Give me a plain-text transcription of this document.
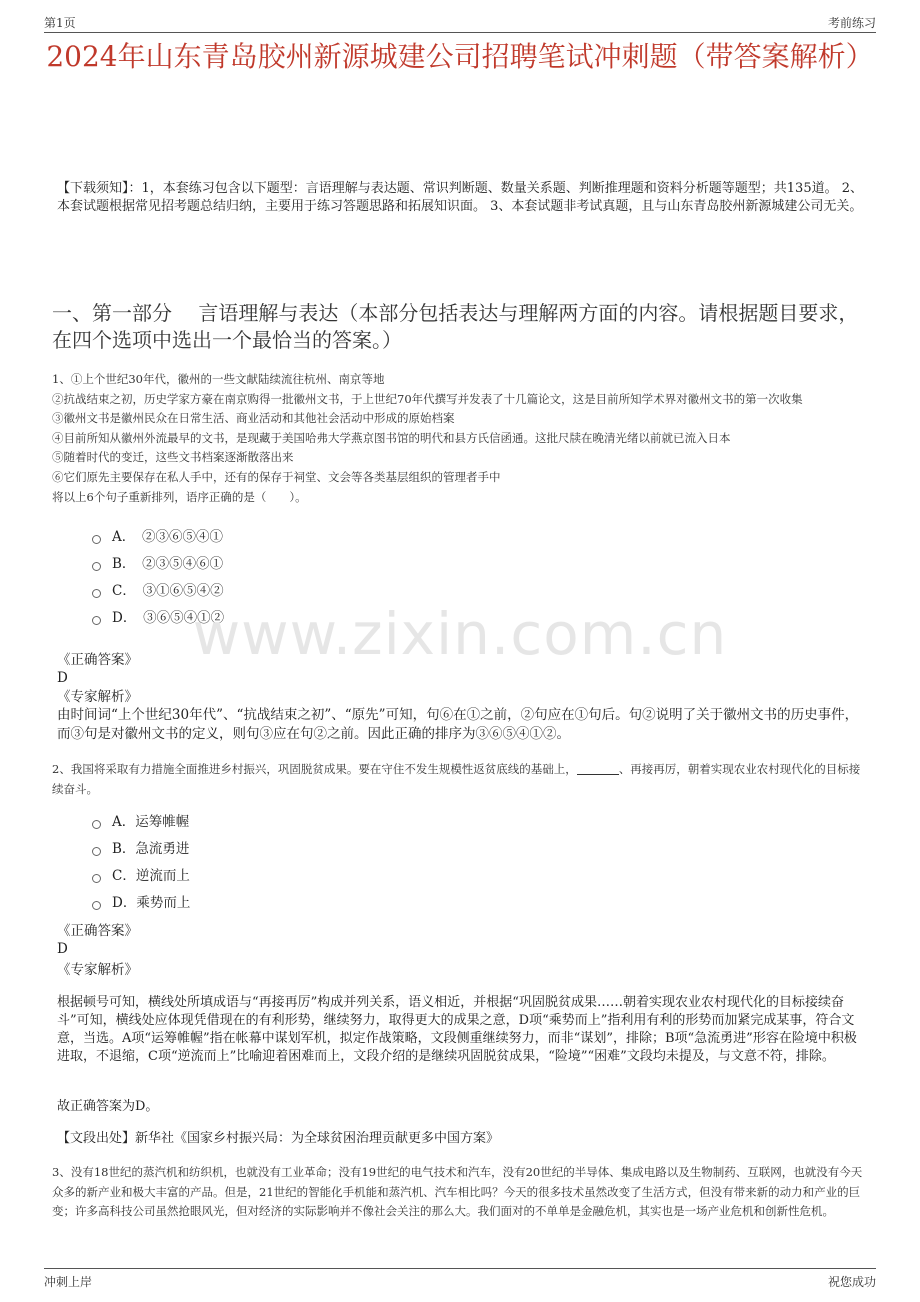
第1页	考前练习
2024年山东青岛胶州新源城建公司招聘笔试冲刺题（带答案解析）
【下载须知】：1，本套练习包含以下题型：言语理解与表达题、常识判断题、数量关系题、判断推理题和资料分析题等题型；共135道。 2、本套试题根据常见招考题总结归纳，主要用于练习答题思路和拓展知识面。 3、本套试题非考试真题，且与山东青岛胶州新源城建公司无关。
一、第一部分　 言语理解与表达（本部分包括表达与理解两方面的内容。请根据题目要求，在四个选项中选出一个最恰当的答案。）
1、①上个世纪30年代，徽州的一些文献陆续流往杭州、南京等地
②抗战结束之初，历史学家方豪在南京购得一批徽州文书，于上世纪70年代撰写并发表了十几篇论文，这是目前所知学术界对徽州文书的第一次收集
③徽州文书是徽州民众在日常生活、商业活动和其他社会活动中形成的原始档案
④目前所知从徽州外流最早的文书，是现藏于美国哈弗大学燕京图书馆的明代和县方氏信函通。这批尺牍在晚清光绪以前就已流入日本
⑤随着时代的变迁，这些文书档案逐渐散落出来
⑥它们原先主要保存在私人手中，还有的保存于祠堂、文会等各类基层组织的管理者手中
将以上6个句子重新排列，语序正确的是（　　）。
A．　②③⑥⑤④①
B．　②③⑤④⑥①
C．　③①⑥⑤④②
D．　③⑥⑤④①②
www.zixin.com.cn
《正确答案》
D
《专家解析》
由时间词“上个世纪30年代”、“抗战结束之初”、“原先”可知，句⑥在①之前，②句应在①句后。句②说明了关于徽州文书的历史事件，而③句是对徽州文书的定义，则句③应在句②之前。因此正确的排序为③⑥⑤④①②。
2、我国将采取有力措施全面推进乡村振兴，巩固脱贫成果。要在守住不发生规模性返贫底线的基础上，	、再接再厉，朝着实现农业农村现代化的目标接续奋斗。
A．运筹帷幄
B．急流勇进
C．逆流而上
D．乘势而上
《正确答案》
D
《专家解析》
根据顿号可知，横线处所填成语与“再接再厉”构成并列关系，语义相近，并根据“巩固脱贫成果……朝着实现农业农村现代化的目标接续奋斗”可知，横线处应体现凭借现在的有利形势，继续努力，取得更大的成果之意，D项“乘势而上”指利用有利的形势而加紧完成某事，符合文意，当选。A项“运筹帷幄”指在帐幕中谋划军机，拟定作战策略，文段侧重继续努力，而非“谋划”，排除；B项“急流勇进”形容在险境中积极进取，不退缩，C项“逆流而上”比喻迎着困难而上，文段介绍的是继续巩固脱贫成果，“险境”“困难”文段均未提及，与文意不符，排除。
故正确答案为D。
【文段出处】新华社《国家乡村振兴局：为全球贫困治理贡献更多中国方案》
3、没有18世纪的蒸汽机和纺织机，也就没有工业革命；没有19世纪的电气技术和汽车，没有20世纪的半导体、集成电路以及生物制药、互联网，也就没有今天众多的新产业和极大丰富的产品。但是，21世纪的智能化手机能和蒸汽机、汽车相比吗？今天的很多技术虽然改变了生活方式，但没有带来新的动力和产业的巨变；许多高科技公司虽然抢眼风光，但对经济的实际影响并不像社会关注的那么大。我们面对的不单单是金融危机，其实也是一场产业危机和创新性危机。
冲刺上岸	祝您成功
